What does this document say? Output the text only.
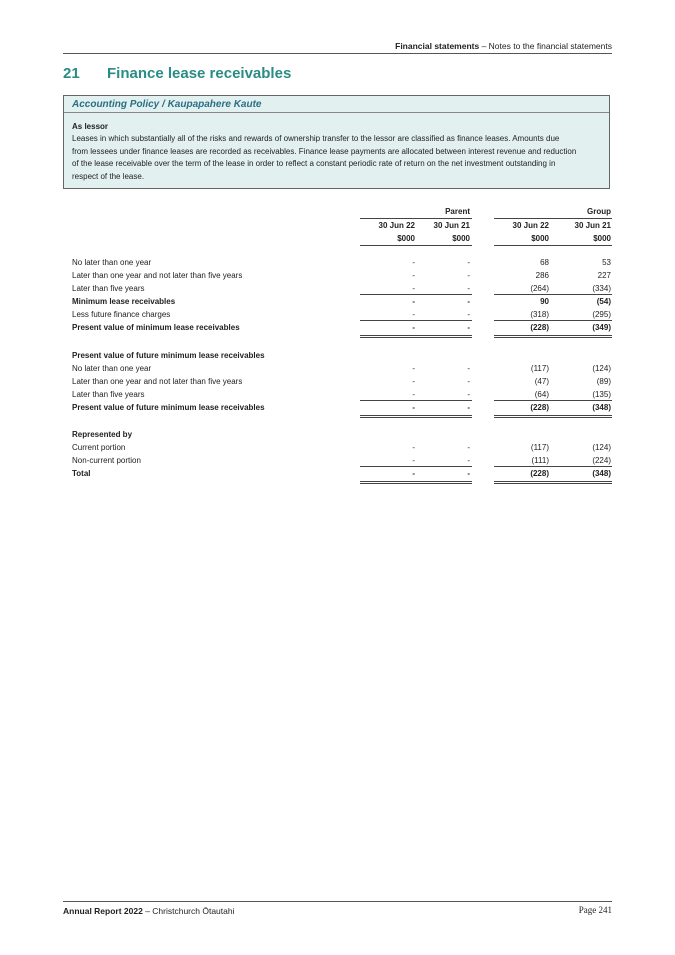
Financial statements – Notes to the financial statements
21 Finance lease receivables
Accounting Policy / Kaupapahere Kaute
As lessor
Leases in which substantially all of the risks and rewards of ownership transfer to the lessor are classified as finance leases. Amounts due
from lessees under finance leases are recorded as receivables. Finance lease payments are allocated between interest revenue and reduction
of the lease receivable over the term of the lease in order to reflect a constant periodic rate of return on the net investment outstanding in
respect of the lease.
Parent	Group
30 Jun 22	30 Jun 21	30 Jun 22	30 Jun 21
$000	$000	$000	$000
No later than one year	-	-	68	53
Later than one year and not later than five years	-	-	286	227
Later than five years	-	-	(264)	(334)
Minimum lease receivables	-	-	90	(54)
Less future finance charges	-	-	(318)	(295)
Present value of minimum lease receivables	-	-	(228)	(349)
Present value of future minimum lease receivables
No later than one year	-	-	(117)	(124)
Later than one year and not later than five years	-	-	(47)	(89)
Later than five years	-	-	(64)	(135)
Present value of future minimum lease receivables	-	-	(228)	(348)
Represented by
Current portion	-	-	(117)	(124)
Non-current portion	-	-	(111)	(224)
Total	-	-	(228)	(348)
Annual Report 2022 – Christchurch Ōtautahi	Page 241
